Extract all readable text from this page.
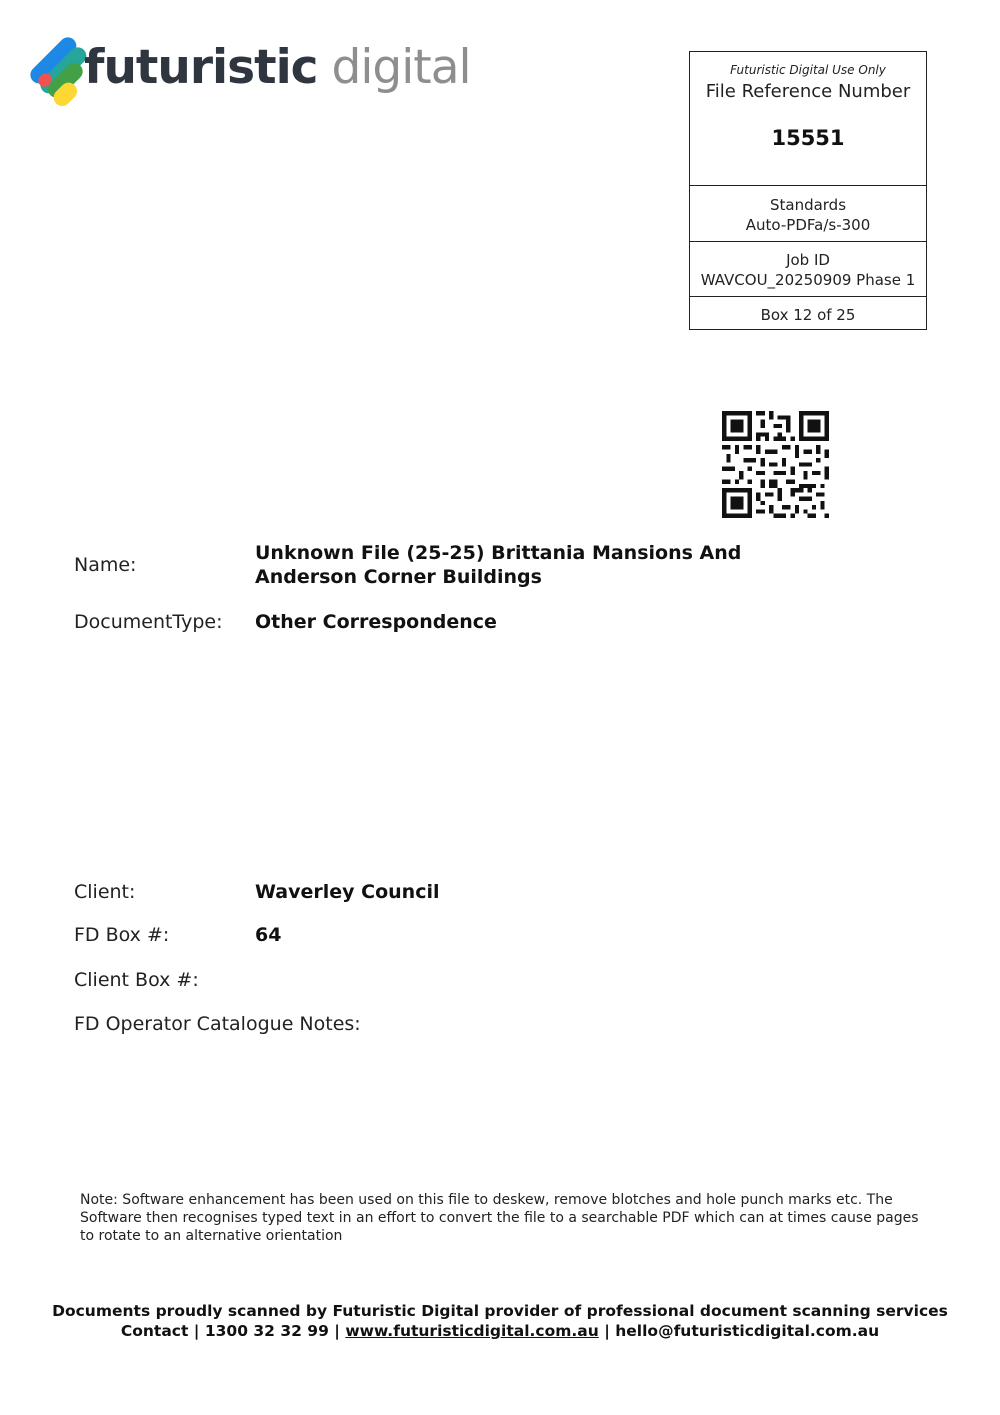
futuristic digital	Futuristic Digital Use Only
File Reference Number
15551
Standards
Auto-PDFa/s-300
Job ID
WAVCOU_20250909 Phase 1
Box 12 of 25
Name:
Unknown File (25-25) Brittania Mansions And
Anderson Corner Buildings
DocumentType: Other Correspondence
Client:	Waverley Council
FD Box #:	64
Client Box #:
FD Operator Catalogue Notes:
Note: Software enhancement has been used on this file to deskew, remove blotches and hole punch marks etc. The Software then recognises typed text in an effort to convert the file to a searchable PDF which can at times cause pages to rotate to an alternative orientation
Documents proudly scanned by Futuristic Digital provider of professional document scanning services
Contact | 1300 32 32 99 | www.futuristicdigital.com.au | hello@futuristicdigital.com.au
